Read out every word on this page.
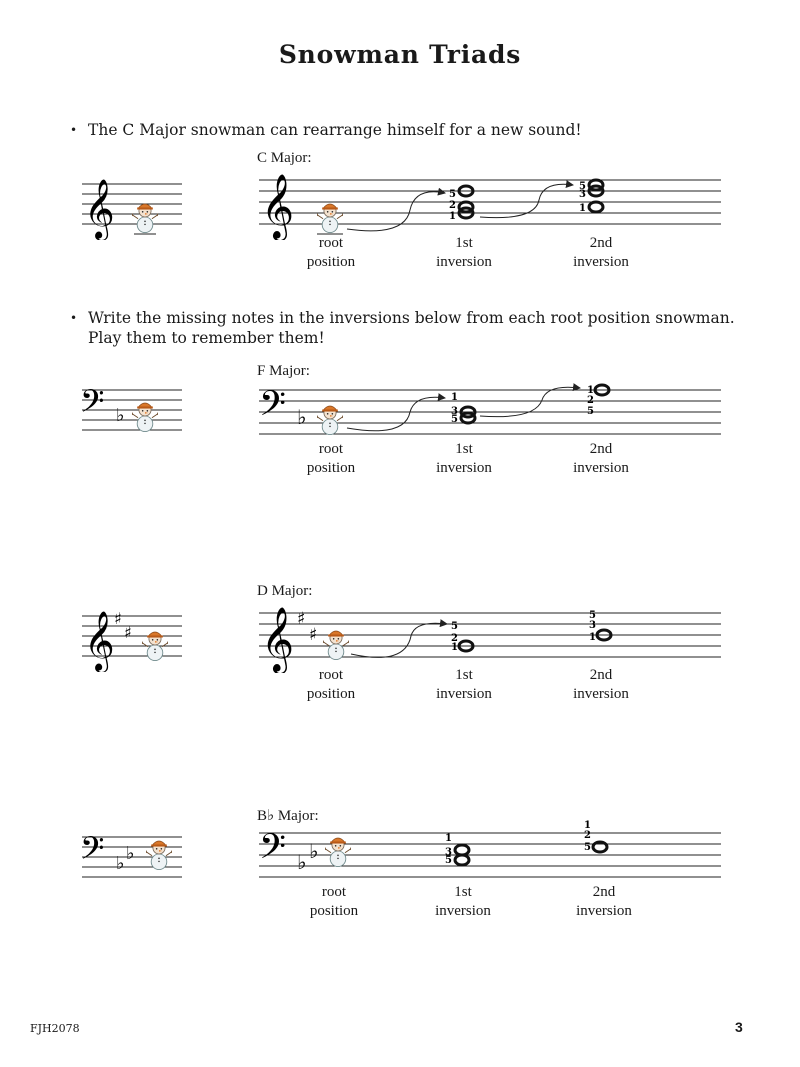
Snowman Triads
• The C Major snowman can rearrange himself for a new sound!
• Write the missing notes in the inversions below from each root position snowman.
Play them to remember them!
C Major:
𝄞	𝄞	5
2
1
5
3
1
root
position
1st
inversion
2nd
inversion
F Major:
𝄢 ♭	𝄢 ♭
1
3
5
1
2
5
root
position
1st
inversion
2nd
inversion
D Major:
𝄞 ♯
♯ 𝄞 ♯
♯	5
2
1
5
3
1
root
position
1st
inversion
2nd
inversion
B♭ Major:
𝄢 ♭ ♭	𝄢 ♭ ♭
1
3
5
1
2
5
root
position
1st
inversion
2nd
inversion
FJH2078	3
